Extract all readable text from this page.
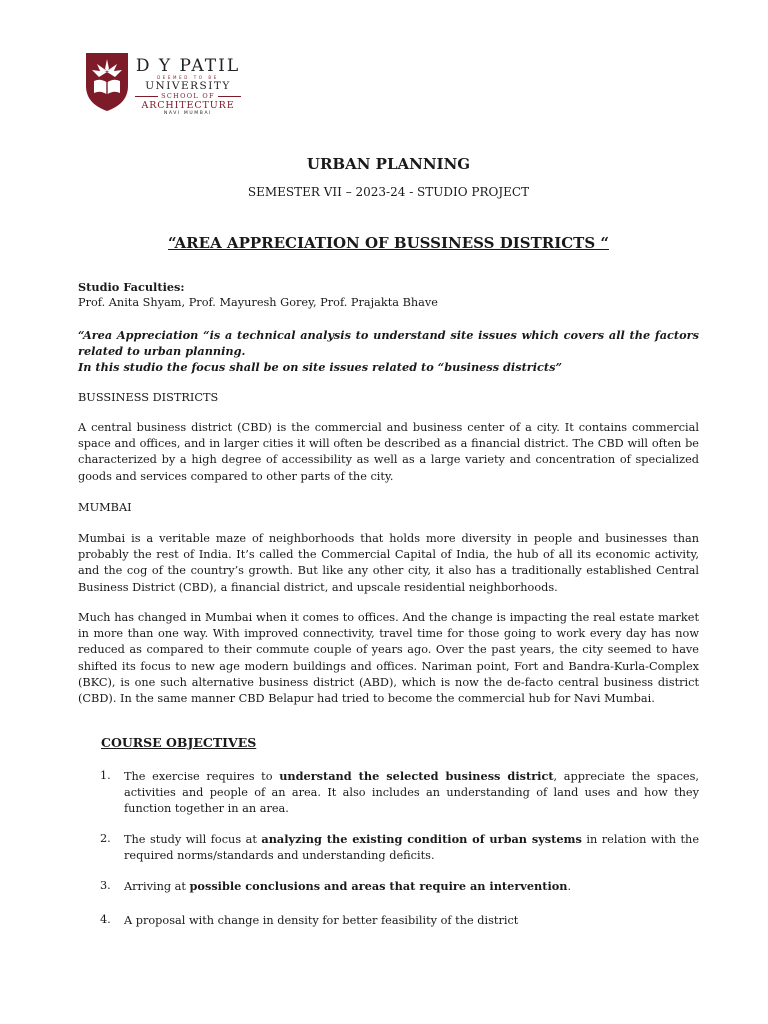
D Y PATIL
DEEMED TO BE
UNIVERSITY
SCHOOL OF
ARCHITECTURE
NAVI MUMBAI
URBAN PLANNING
SEMESTER VII – 2023-24 - STUDIO PROJECT
“AREA APPRECIATION OF BUSSINESS DISTRICTS “
Studio Faculties:
Prof. Anita Shyam, Prof. Mayuresh Gorey, Prof. Prajakta Bhave
“Area Appreciation “is a technical analysis to understand site issues which covers all the factors related to urban planning.
In this studio the focus shall be on site issues related to “business districts”
BUSSINESS DISTRICTS
A central business district (CBD) is the commercial and business center of a city. It contains commercial space and offices, and in larger cities it will often be described as a financial district. The CBD will often be characterized by a high degree of accessibility as well as a large variety and concentration of specialized goods and services compared to other parts of the city.
MUMBAI
Mumbai is a veritable maze of neighborhoods that holds more diversity in people and businesses than probably the rest of India. It’s called the Commercial Capital of India, the hub of all its economic activity, and the cog of the country’s growth. But like any other city, it also has a traditionally established Central Business District (CBD), a financial district, and upscale residential neighborhoods.
Much has changed in Mumbai when it comes to offices. And the change is impacting the real estate market in more than one way. With improved connectivity, travel time for those going to work every day has now reduced as compared to their commute couple of years ago. Over the past years, the city seemed to have shifted its focus to new age modern buildings and offices. Nariman point, Fort and Bandra-Kurla-Complex (BKC), is one such alternative business district (ABD), which is now the de-facto central business district (CBD). In the same manner CBD Belapur had tried to become the commercial hub for Navi Mumbai.
COURSE OBJECTIVES
1. The exercise requires to understand the selected business district, appreciate the spaces, activities and people of an area. It also includes an understanding of land uses and how they function together in an area.
2. The study will focus at analyzing the existing condition of urban systems in relation with the required norms/standards and understanding deficits.
3. Arriving at possible conclusions and areas that require an intervention.
4. A proposal with change in density for better feasibility of the district
